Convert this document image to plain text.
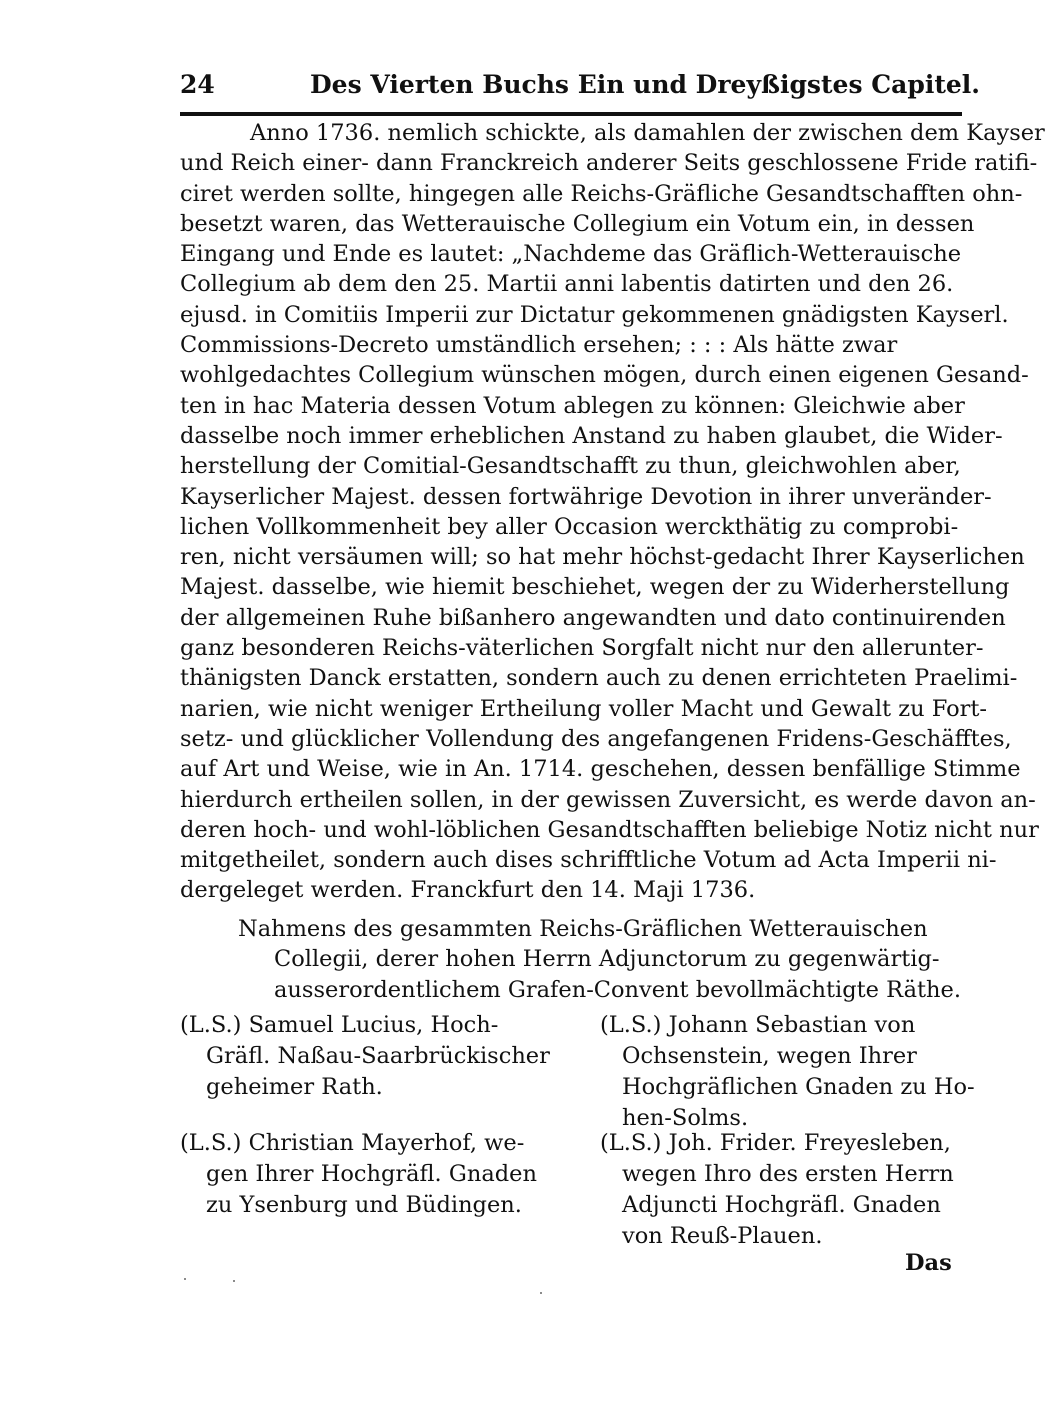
24	Des Vierten Buchs Ein und Dreyßigstes Capitel.
Anno 1736. nemlich schickte, als damahlen der zwischen dem Kayser
und Reich einer- dann Franckreich anderer Seits geschlossene Fride ratifi-
ciret werden sollte, hingegen alle Reichs-Gräfliche Gesandtschafften ohn-
besetzt waren, das Wetterauische Collegium ein Votum ein, in dessen
Eingang und Ende es lautet: „Nachdeme das Gräflich-Wetterauische
Collegium ab dem den 25. Martii anni labentis datirten und den 26.
ejusd. in Comitiis Imperii zur Dictatur gekommenen gnädigsten Kayserl.
Commissions-Decreto umständlich ersehen; : : : Als hätte zwar
wohlgedachtes Collegium wünschen mögen, durch einen eigenen Gesand-
ten in hac Materia dessen Votum ablegen zu können: Gleichwie aber
dasselbe noch immer erheblichen Anstand zu haben glaubet, die Wider-
herstellung der Comitial-Gesandtschafft zu thun, gleichwohlen aber,
Kayserlicher Majest. dessen fortwährige Devotion in ihrer unveränder-
lichen Vollkommenheit bey aller Occasion werckthätig zu comprobi-
ren, nicht versäumen will; so hat mehr höchst-gedacht Ihrer Kayserlichen
Majest. dasselbe, wie hiemit beschiehet, wegen der zu Widerherstellung
der allgemeinen Ruhe bißanhero angewandten und dato continuirenden
ganz besonderen Reichs-väterlichen Sorgfalt nicht nur den allerunter-
thänigsten Danck erstatten, sondern auch zu denen errichteten Praelimi-
narien, wie nicht weniger Ertheilung voller Macht und Gewalt zu Fort-
setz- und glücklicher Vollendung des angefangenen Fridens-Geschäfftes,
auf Art und Weise, wie in An. 1714. geschehen, dessen benfällige Stimme
hierdurch ertheilen sollen, in der gewissen Zuversicht, es werde davon an-
deren hoch- und wohl-löblichen Gesandtschafften beliebige Notiz nicht nur
mitgetheilet, sondern auch dises schrifftliche Votum ad Acta Imperii ni-
dergeleget werden. Franckfurt den 14. Maji 1736.
Nahmens des gesammten Reichs-Gräflichen Wetterauischen
Collegii, derer hohen Herrn Adjunctorum zu gegenwärtig-
ausserordentlichem Grafen-Convent bevollmächtigte Räthe.
(L.S.) Samuel Lucius, Hoch-
Gräfl. Naßau-Saarbrückischer
geheimer Rath.
(L.S.) Johann Sebastian von
Ochsenstein, wegen Ihrer
Hochgräflichen Gnaden zu Ho-
hen-Solms.
(L.S.) Christian Mayerhof, we-
gen Ihrer Hochgräfl. Gnaden
zu Ysenburg und Büdingen.
(L.S.) Joh. Frider. Freyesleben,
wegen Ihro des ersten Herrn
Adjuncti Hochgräfl. Gnaden
von Reuß-Plauen.
Das
